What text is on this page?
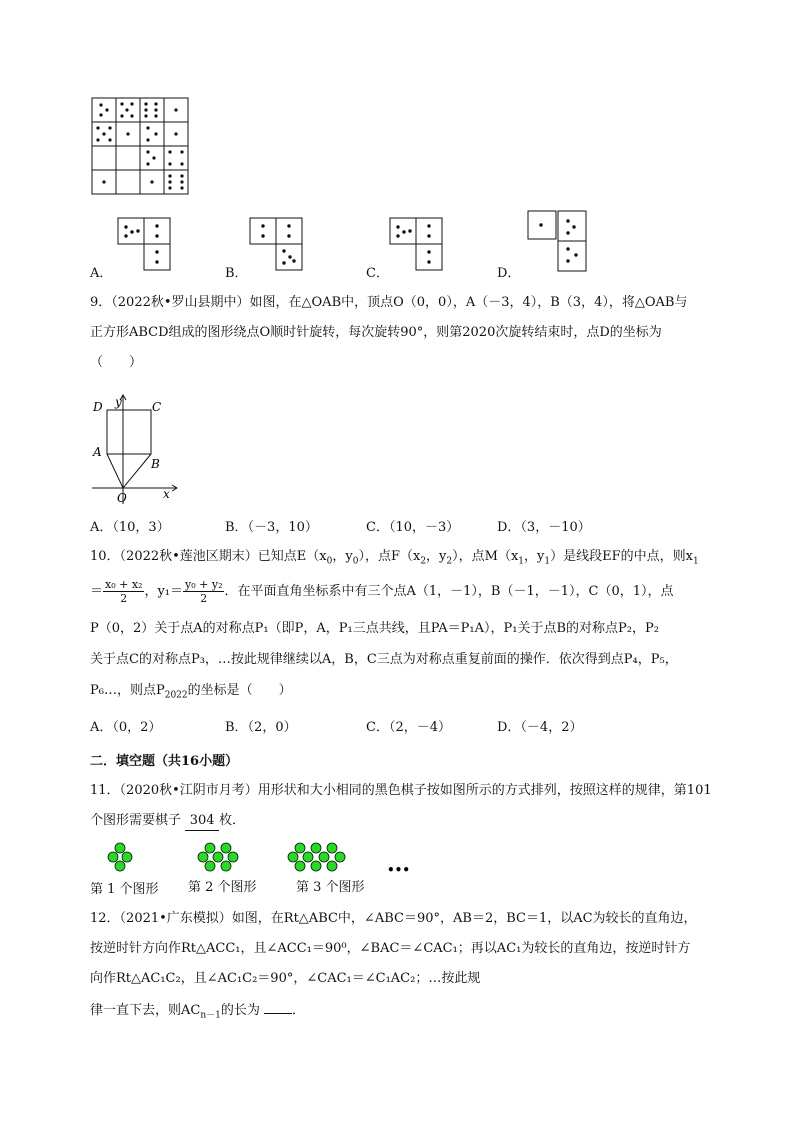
A．	B．	C．	D．
9．（2022秋•罗山县期中）如图，在△OAB中，顶点O（0，0），A（－3，4），B（3，4），将△OAB与
正方形ABCD组成的图形绕点O顺时针旋转，每次旋转90°，则第2020次旋转结束时，点D的坐标为
（　　）
D y	C
A
B
O	x
A．（10，3）	B．（－3，10）	C．（10，－3）	D．（3，－10）
10．（2022秋•莲池区期末）已知点$E(x_0$，$y_0$），点$F(x_2$，$y_2$），点$M(x_1$，$y_1$）是线段EF的中点，则$x_1$
＝ $\frac{\text{x₀ + x₂}}{2}$ ，$y_1= \frac{\text{y₀ + y₂}}{2}$ ．在平面直角坐标系中有三个点A（1，－1），B（－1，－1），C（0，1），点
P（0，2）关于点A的对称点P₁（即P，A，P₁三点共线，且PA＝P₁A），P₁关于点B的对称点P₂，P₂
关于点C的对称点P₃，…按此规律继续以A，B，C三点为对称点重复前面的操作．依次得到点P₄，P₅，
P₆…，则点$P_{2022}$的坐标是（　　）
A．（0，2）	B．（2，0）	C．（2，－4）	D．（－4，2）
二．填空题（共16小题）
11．（2020秋•江阴市月考）用形状和大小相同的黑色棋子按如图所示的方式排列，按照这样的规律，第101
个图形需要棋子 304 枚．
•••
第 1 个图形 第 2 个图形	第 3 个图形
12．（2021•广东模拟）如图，在Rt△ABC中，∠ABC＝90°，AB＝2，BC＝1，以AC为较长的直角边，
按逆时针方向作Rt△ACC₁，且∠ACC₁＝90⁰，∠BAC＝∠CAC₁；再以AC₁为较长的直角边，按逆时针方
向作Rt△AC₁C₂，且∠AC₁C₂＝90°，∠CAC₁＝∠C₁AC₂；…按此规
律一直下去，则$AC_{n-1}$的长为 ．
